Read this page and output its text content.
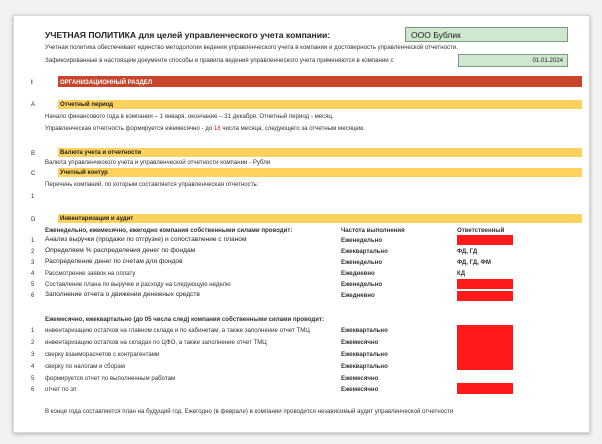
УЧЕТНАЯ ПОЛИТИКА для целей управленческого учета компании:	ООО Бублик
Учетная политика обеспечивает единство методологии ведения управленческого учета в компании и достоверность управленческой отчетности.
Зафиксированные в настоящем документе способы и правила ведения управленческого учета применяются в компании с	01.01.2024
I	ОРГАНИЗАЦИОННЫЙ РАЗДЕЛ
A	Отчетный период
Начало финансового года в компании – 1 января, окончание – 31 декабря. Отчетный период - месяц.
Управленческая отчетность формируется ежемесячно - до 18 числа месяца, следующего за отчетным месяцем.
B	Валюта учета и отчетности
Валюта управленческого учета и управленческой отчетности компании - Рубли
C	Учетный контур
Перечень компаний, по которым составляется управленческая отчетность:
1
D	Инвентаризация и аудит
Еженедельно, ежемесячно, ежегодно компания собственными силами проводит:	Частота выполнения	Ответственный
1 Анализ выручки (продажи по отгрузке) и сопоставление с планом	Еженедельно
2 Определяем % распределения денег по фондам	Ежеквартально	ФД, ГД
3 Распределение денег по счетам для фондов	Еженедельно	ФД, ГД, ФМ
4 Рассмотрение заявок на оплату	Ежедневно	КД
5 Составление плана по выручке и расходу на следующую неделю	Еженедельно
6 Заполнение отчета о движении денежных средств	Ежедневно
Ежемесячно, ежеквартально (до 05 числа след) компания собственными силами проводит:
1 инвентаризацию остатков на главном складе и по кабинетам, а также заполнение отчет ТМЦ	Ежеквартально
2 инвентаризацию остатков на складах по ЦФО, а также заполнение отчет ТМЦ	Ежемесячно
3 сверку взаиморасчетов с контрагентами	Ежеквартально
4 сверку по налогам и сборам	Ежеквартально
5 формируется отчет по выполненным работам	Ежемесячно
6 отчет по зп	Ежемесячно
В конце года составляется план на будущий год. Ежегодно (в феврале) в компании проводится независимый аудит управленческой отчетности
